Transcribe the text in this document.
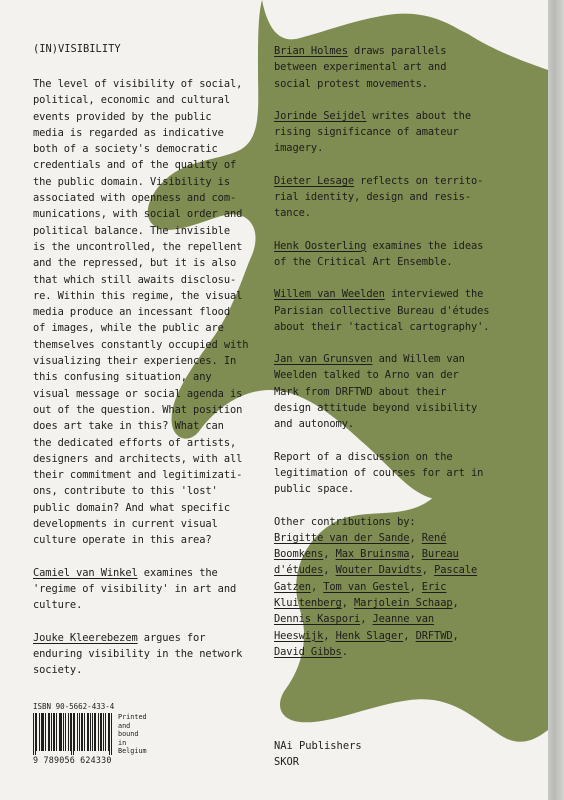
(IN)VISIBILITY

The level of visibility of social,

political, economic and cultural

events provided by the public

media is regarded as indicative

both of a society's democratic

credentials and of the quality of

the public domain. Visibility is

associated with openness and com-

munications, with social order and

political balance. The invisible

is the uncontrolled, the repellent

and the repressed, but it is also

that which still awaits disclosu-

re. Within this regime, the visual

media produce an incessant flood

of images, while the public are

themselves constantly occupied with

visualizing their experiences. In

this confusing situation, any

visual message or social agenda is

out of the question. What position

does art take in this? What can

the dedicated efforts of artists,

designers and architects, with all

their commitment and legitimizati-

ons, contribute to this 'lost'

public domain? And what specific

developments in current visual

culture operate in this area?

Camiel van Winkel examines the

'regime of visibility' in art and

culture.

Jouke Kleerebezem argues for

enduring visibility in the network

society.

Brian Holmes draws parallels

between experimental art and

social protest movements.

Jorinde Seijdel writes about the

rising significance of amateur

imagery.

Dieter Lesage reflects on territo-

rial identity, design and resis-

tance.

Henk Oosterling examines the ideas

of the Critical Art Ensemble.

Willem van Weelden interviewed the

Parisian collective Bureau d'études

about their 'tactical cartography'.

Jan van Grunsven and Willem van

Weelden talked to Arno van der

Mark from DRFTWD about their

design attitude beyond visibility

and autonomy.

Report of a discussion on the

legitimation of courses for art in

public space.

Other contributions by:

Brigitte van der Sande, René

Boomkens, Max Bruinsma, Bureau

d'études, Wouter Davidts, Pascale

Gatzen, Tom van Gestel, Eric

Kluitenberg, Marjolein Schaap,

Dennis Kaspori, Jeanne van

Heeswijk, Henk Slager, DRFTWD,

David Gibbs.

ISBN 90-5662-433-4
9 789056 624330

Printed

and

bound

in

Belgium	NAi Publishers

SKOR
